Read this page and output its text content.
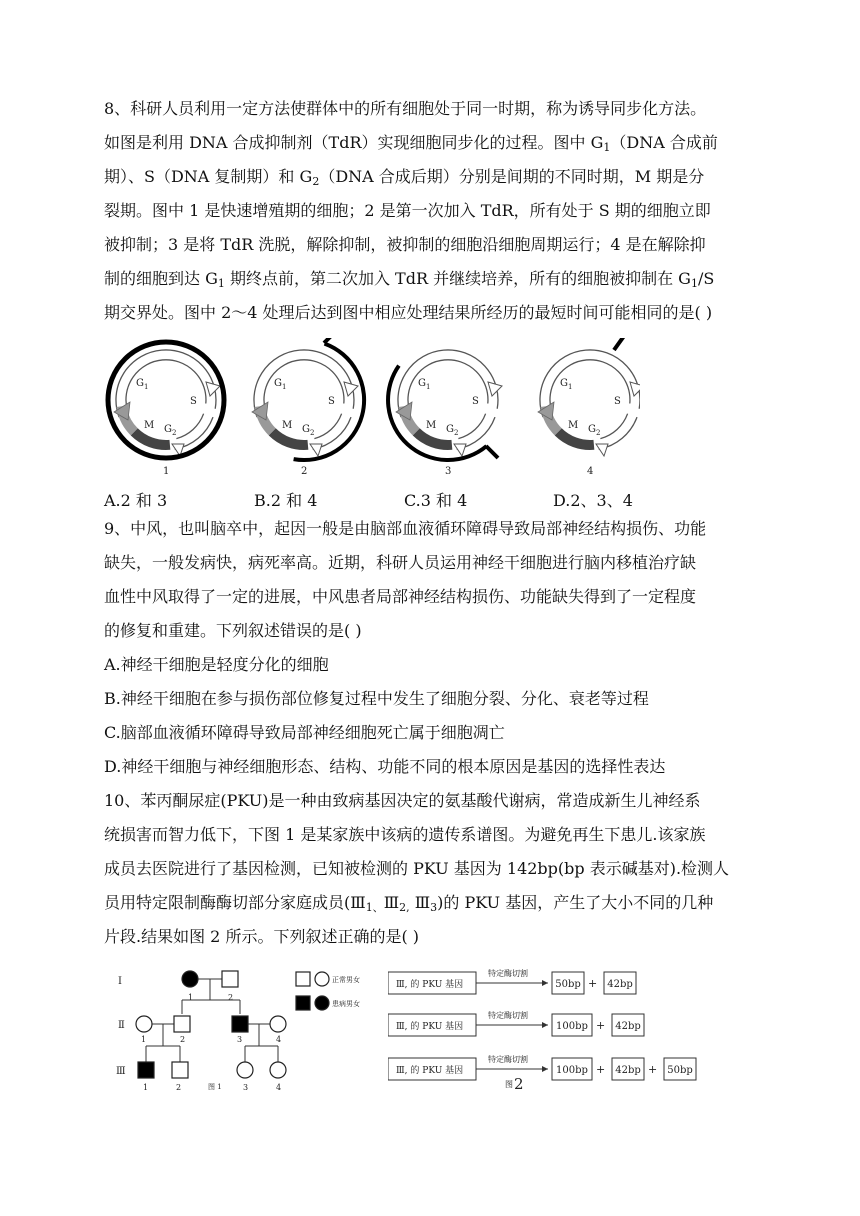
8、科研人员利用一定方法使群体中的所有细胞处于同一时期，称为诱导同步化方法。
如图是利用 DNA 合成抑制剂（TdR）实现细胞同步化的过程。图中 $G_1(DNA$ 合成前
期）、S（DNA 复制期）和 $G_2(DNA$ 合成后期）分别是间期的不同时期，M 期是分
裂期。图中 1 是快速增殖期的细胞；2 是第一次加入 TdR，所有处于 S 期的细胞立即
被抑制；3 是将 TdR 洗脱，解除抑制，被抑制的细胞沿细胞周期运行；4 是在解除抑
制的细胞到达 $G_1$ 期终点前，第二次加入 TdR 并继续培养，所有的细胞被抑制在 $G_1/S$
期交界处。图中 2～4 处理后达到图中相应处理结果所经历的最短时间可能相同的是( )
G 1
S
M G 2
1
G 1
S
M G 2
2
G 1
S
M G 2
3
G 1
S
M G 2
4
A.2 和 3	B.2 和 4	C.3 和 4	D.2、3、4
9、中风，也叫脑卒中，起因一般是由脑部血液循环障碍导致局部神经结构损伤、功能
缺失，一般发病快，病死率高。近期，科研人员运用神经干细胞进行脑内移植治疗缺
血性中风取得了一定的进展，中风患者局部神经结构损伤、功能缺失得到了一定程度
的修复和重建。下列叙述错误的是( )
A.神经干细胞是轻度分化的细胞
B.神经干细胞在参与损伤部位修复过程中发生了细胞分裂、分化、衰老等过程
C.脑部血液循环障碍导致局部神经细胞死亡属于细胞凋亡
D.神经干细胞与神经细胞形态、结构、功能不同的根本原因是基因的选择性表达
10、苯丙酮尿症(PKU)是一种由致病基因决定的氨基酸代谢病，常造成新生儿神经系
统损害而智力低下，下图 1 是某家族中该病的遗传系谱图。为避免再生下患儿.该家族
成员去医院进行了基因检测，已知被检测的 PKU 基因为 142bp(bp 表示碱基对).检测人
员用特定限制酶酶切部分家庭成员($Ⅲ_{1、}Ⅲ_{2,}$ $Ⅲ_3$)的 PKU 基因，产生了大小不同的几种
片段.结果如图 2 所示。下列叙述正确的是( )
Ⅰ
Ⅱ
Ⅲ
1	2
1	2	3	4
1	2	3	4
正常男女
患病男女
图 1	图 2
Ⅲ, 的 PKU 基因
特定酶切割
50bp + 42bp
Ⅲ, 的 PKU 基因
特定酶切割
100bp + 42bp
Ⅲ, 的 PKU 基因
特定酶切割
100bp + 42bp + 50bp
